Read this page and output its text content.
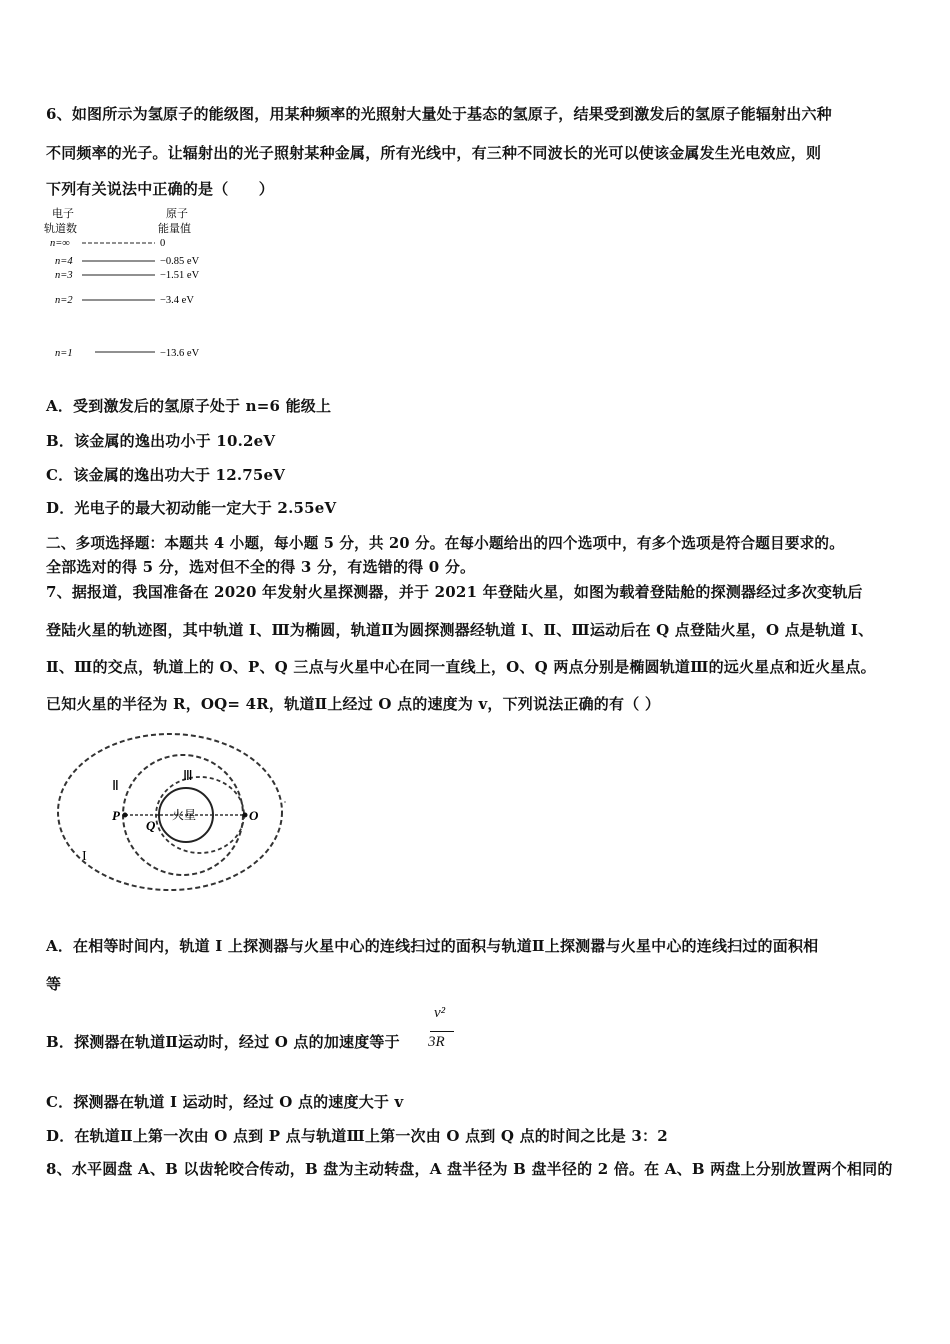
6、如图所示为氢原子的能级图，用某种频率的光照射大量处于基态的氢原子，结果受到激发后的氢原子能辐射出六种
不同频率的光子。让辐射出的光子照射某种金属，所有光线中，有三种不同波长的光可以使该金属发生光电效应，则
下列有关说法中正确的是（　　）
电子
轨道数
原子
能量值
n=∞	0
n=4	−0.85 eV
n=3	−1.51 eV
n=2	−3.4 eV
n=1	−13.6 eV
A．受到激发后的氢原子处于 n=6 能级上
B．该金属的逸出功小于 10.2eV
C．该金属的逸出功大于 12.75eV
D．光电子的最大初动能一定大于 2.55eV
二、多项选择题：本题共 4 小题，每小题 5 分，共 20 分。在每小题给出的四个选项中，有多个选项是符合题目要求的。
全部选对的得 5 分，选对但不全的得 3 分，有选错的得 0 分。
7、据报道，我国准备在 2020 年发射火星探测器，并于 2021 年登陆火星，如图为载着登陆舱的探测器经过多次变轨后
登陆火星的轨迹图，其中轨道 I、Ⅲ为椭圆，轨道Ⅱ为圆探测器经轨道 I、Ⅱ、Ⅲ运动后在 Q 点登陆火星，O 点是轨道 I、
Ⅱ、Ⅲ的交点，轨道上的 O、P、Q 三点与火星中心在同一直线上，O、Q 两点分别是椭圆轨道Ⅲ的远火星点和近火星点。
已知火星的半径为 R，OQ= 4R，轨道Ⅱ上经过 O 点的速度为 v，下列说法正确的有（ ）
Ⅱ
Ⅲ
I
P
Q
O
火星
A．在相等时间内，轨道 I 上探测器与火星中心的连线扫过的面积与轨道Ⅱ上探测嚣与火星中心的连线扫过的面积相
等
B．探测器在轨道Ⅱ运动时，经过 O 点的加速度等于
v²
3R
C．探测器在轨道 I 运动时，经过 O 点的速度大于 v
D．在轨道Ⅱ上第一次由 O 点到 P 点与轨道Ⅲ上第一次由 O 点到 Q 点的时间之比是 3：2
8、水平圆盘 A、B 以齿轮咬合传动，B 盘为主动转盘，A 盘半径为 B 盘半径的 2 倍。在 A、B 两盘上分别放置两个相同的
